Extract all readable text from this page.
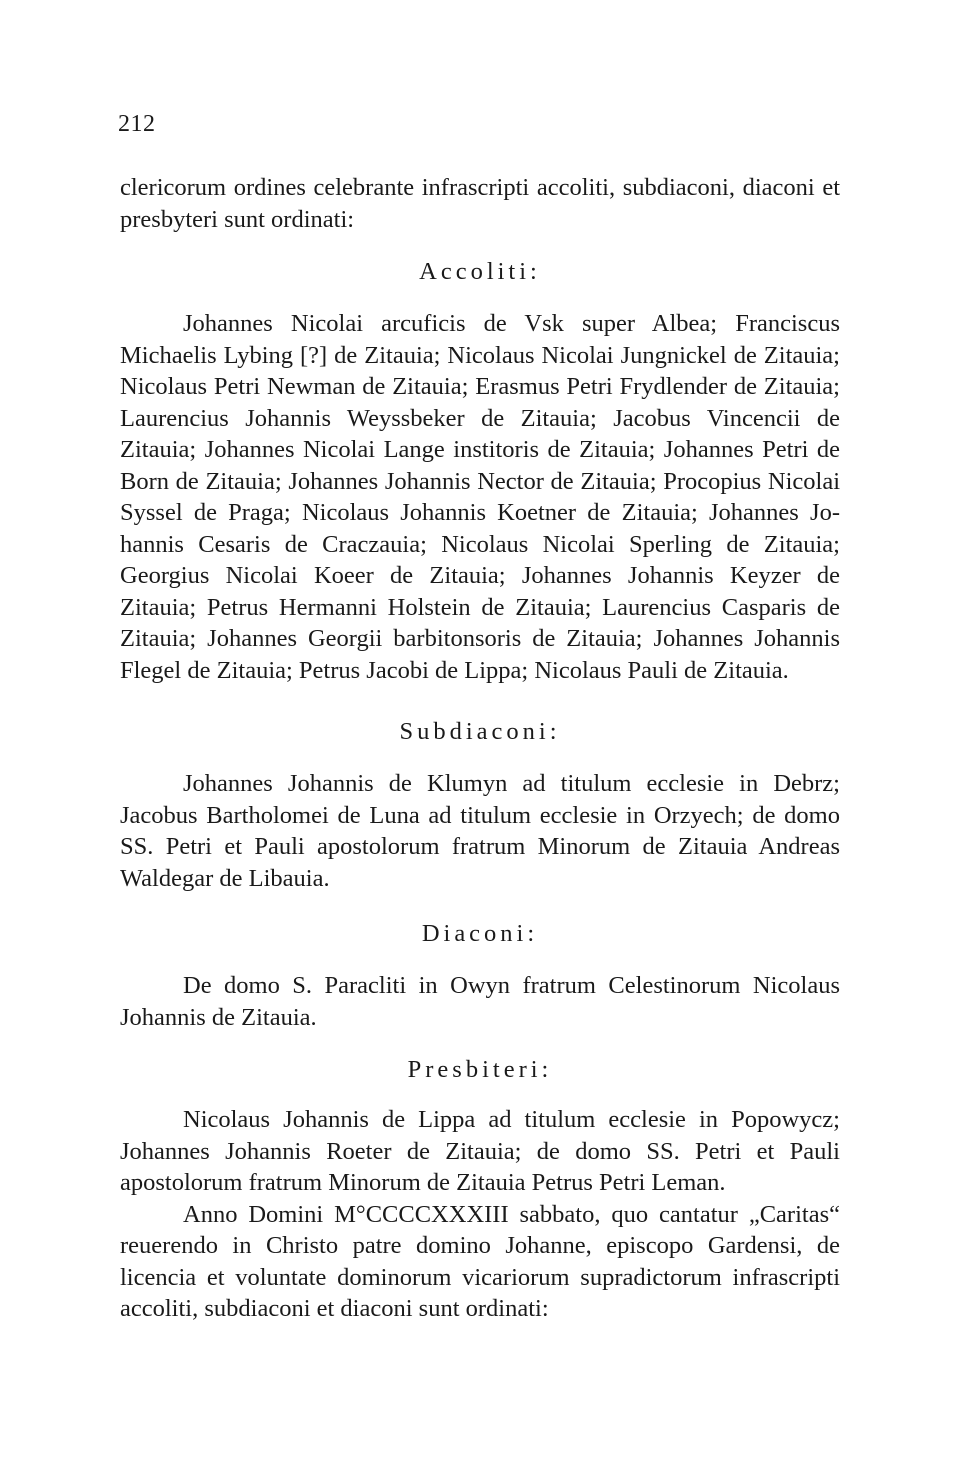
212

clericorum ordines celebrante infrascripti accoliti, subdiaconi, diaconi et presbyteri sunt ordinati:

Accoliti:

Johannes Nicolai arcuficis de Vsk super Albea; Franciscus Michaelis Lybing [?] de Zitauia; Nicolaus Nicolai Jungnickel de Zitauia; Nicolaus Petri Newman de Zitauia; Erasmus Petri Frydlender de Zitauia; Laurencius Johannis Weyssbeker de Zitauia; Jacobus Vincencii de Zitauia; Johannes Nicolai Lange institoris de Zitauia; Johannes Petri de Born de Zitauia; Johannes Johannis Nector de Zitauia; Procopius Nicolai Syssel de Praga; Nicolaus Johannis Koetner de Zitauia; Johannes Johannis Cesaris de Craczauia; Nicolaus Nicolai Sperling de Zitauia; Georgius Nicolai Koeer de Zitauia; Johannes Johannis Keyzer de Zitauia; Petrus Hermanni Holstein de Zitauia; Laurencius Casparis de Zitauia; Johannes Georgii barbitonsoris de Zitauia; Johannes Johannis Flegel de Zitauia; Petrus Jacobi de Lippa; Nicolaus Pauli de Zitauia.

Subdiaconi:

Johannes Johannis de Klumyn ad titulum ecclesie in Debrz; Jacobus Bartholomei de Luna ad titulum ecclesie in Orzyech; de domo SS. Petri et Pauli apostolorum fratrum Minorum de Zitauia Andreas Waldegar de Libauia.

Diaconi:

De domo S. Paracliti in Owyn fratrum Celestinorum Nicolaus Johannis de Zitauia.

Presbiteri:

Nicolaus Johannis de Lippa ad titulum ecclesie in Popowycz; Johannes Johannis Roeter de Zitauia; de domo SS. Petri et Pauli apostolorum fratrum Minorum de Zitauia Petrus Petri Leman.

Anno Domini M°CCCCXXXIII sabbato, quo cantatur „Caritas“ reuerendo in Christo patre domino Johanne, episcopo Gardensi, de licencia et voluntate dominorum vicariorum supradictorum infrascripti accoliti, subdiaconi et diaconi sunt ordinati:
